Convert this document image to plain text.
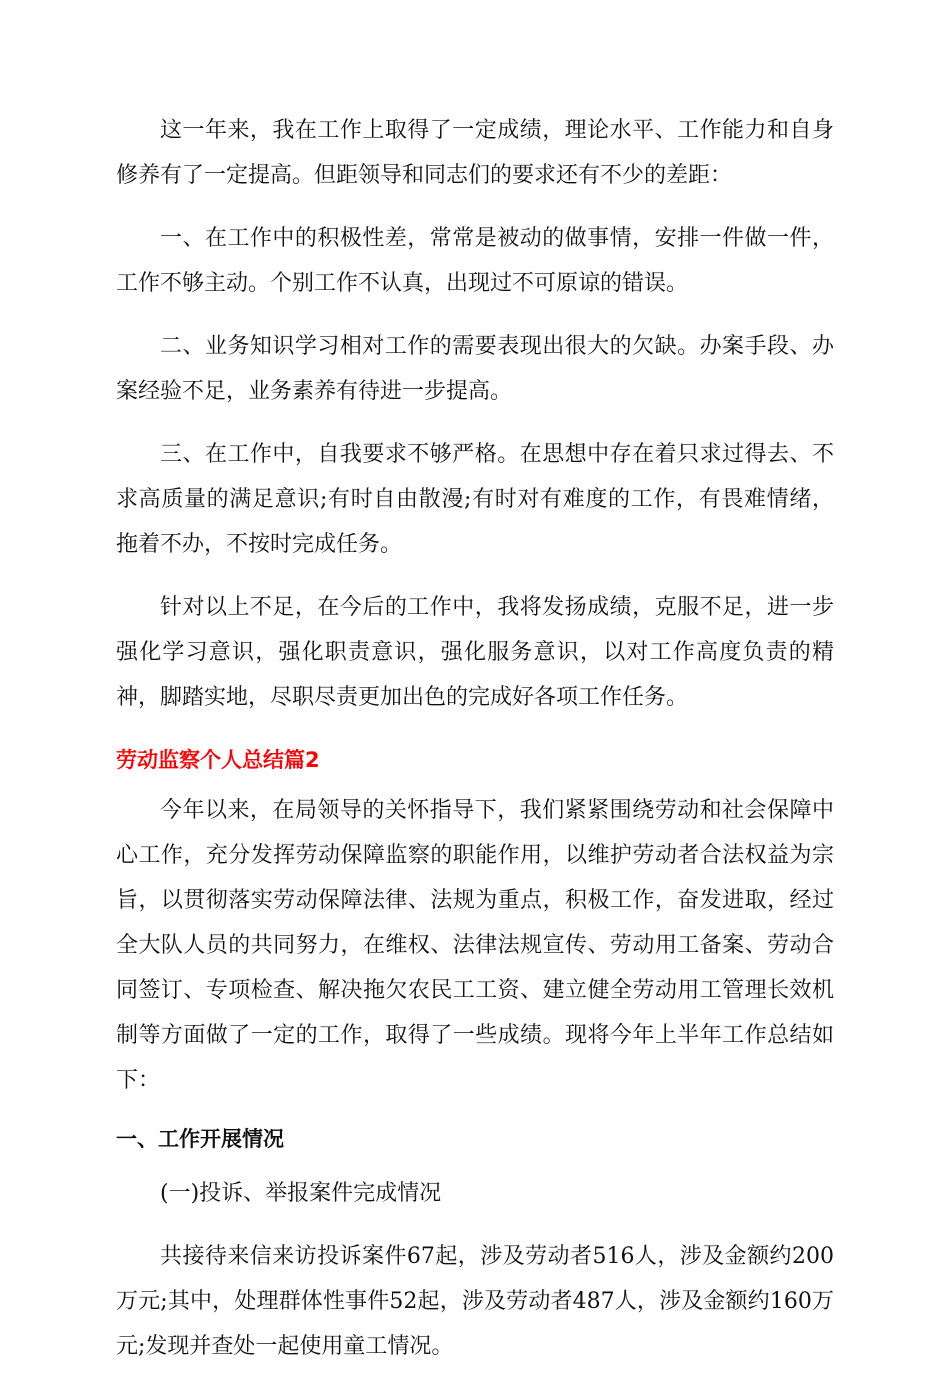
这一年来，我在工作上取得了一定成绩，理论水平、工作能力和自身修养有了一定提高。但距领导和同志们的要求还有不少的差距：

一、在工作中的积极性差，常常是被动的做事情，安排一件做一件，工作不够主动。个别工作不认真，出现过不可原谅的错误。

二、业务知识学习相对工作的需要表现出很大的欠缺。办案手段、办案经验不足，业务素养有待进一步提高。

三、在工作中，自我要求不够严格。在思想中存在着只求过得去、不求高质量的满足意识;有时自由散漫;有时对有难度的工作，有畏难情绪，拖着不办，不按时完成任务。

针对以上不足，在今后的工作中，我将发扬成绩，克服不足，进一步强化学习意识，强化职责意识，强化服务意识，以对工作高度负责的精神，脚踏实地，尽职尽责更加出色的完成好各项工作任务。

劳动监察个人总结篇2

今年以来，在局领导的关怀指导下，我们紧紧围绕劳动和社会保障中心工作，充分发挥劳动保障监察的职能作用，以维护劳动者合法权益为宗旨，以贯彻落实劳动保障法律、法规为重点，积极工作，奋发进取，经过全大队人员的共同努力，在维权、法律法规宣传、劳动用工备案、劳动合同签订、专项检查、解决拖欠农民工工资、建立健全劳动用工管理长效机制等方面做了一定的工作，取得了一些成绩。现将今年上半年工作总结如下：

一、工作开展情况

(一)投诉、举报案件完成情况

共接待来信来访投诉案件67起，涉及劳动者516人，涉及金额约200万元;其中，处理群体性事件52起，涉及劳动者487人，涉及金额约160万元;发现并查处一起使用童工情况。
